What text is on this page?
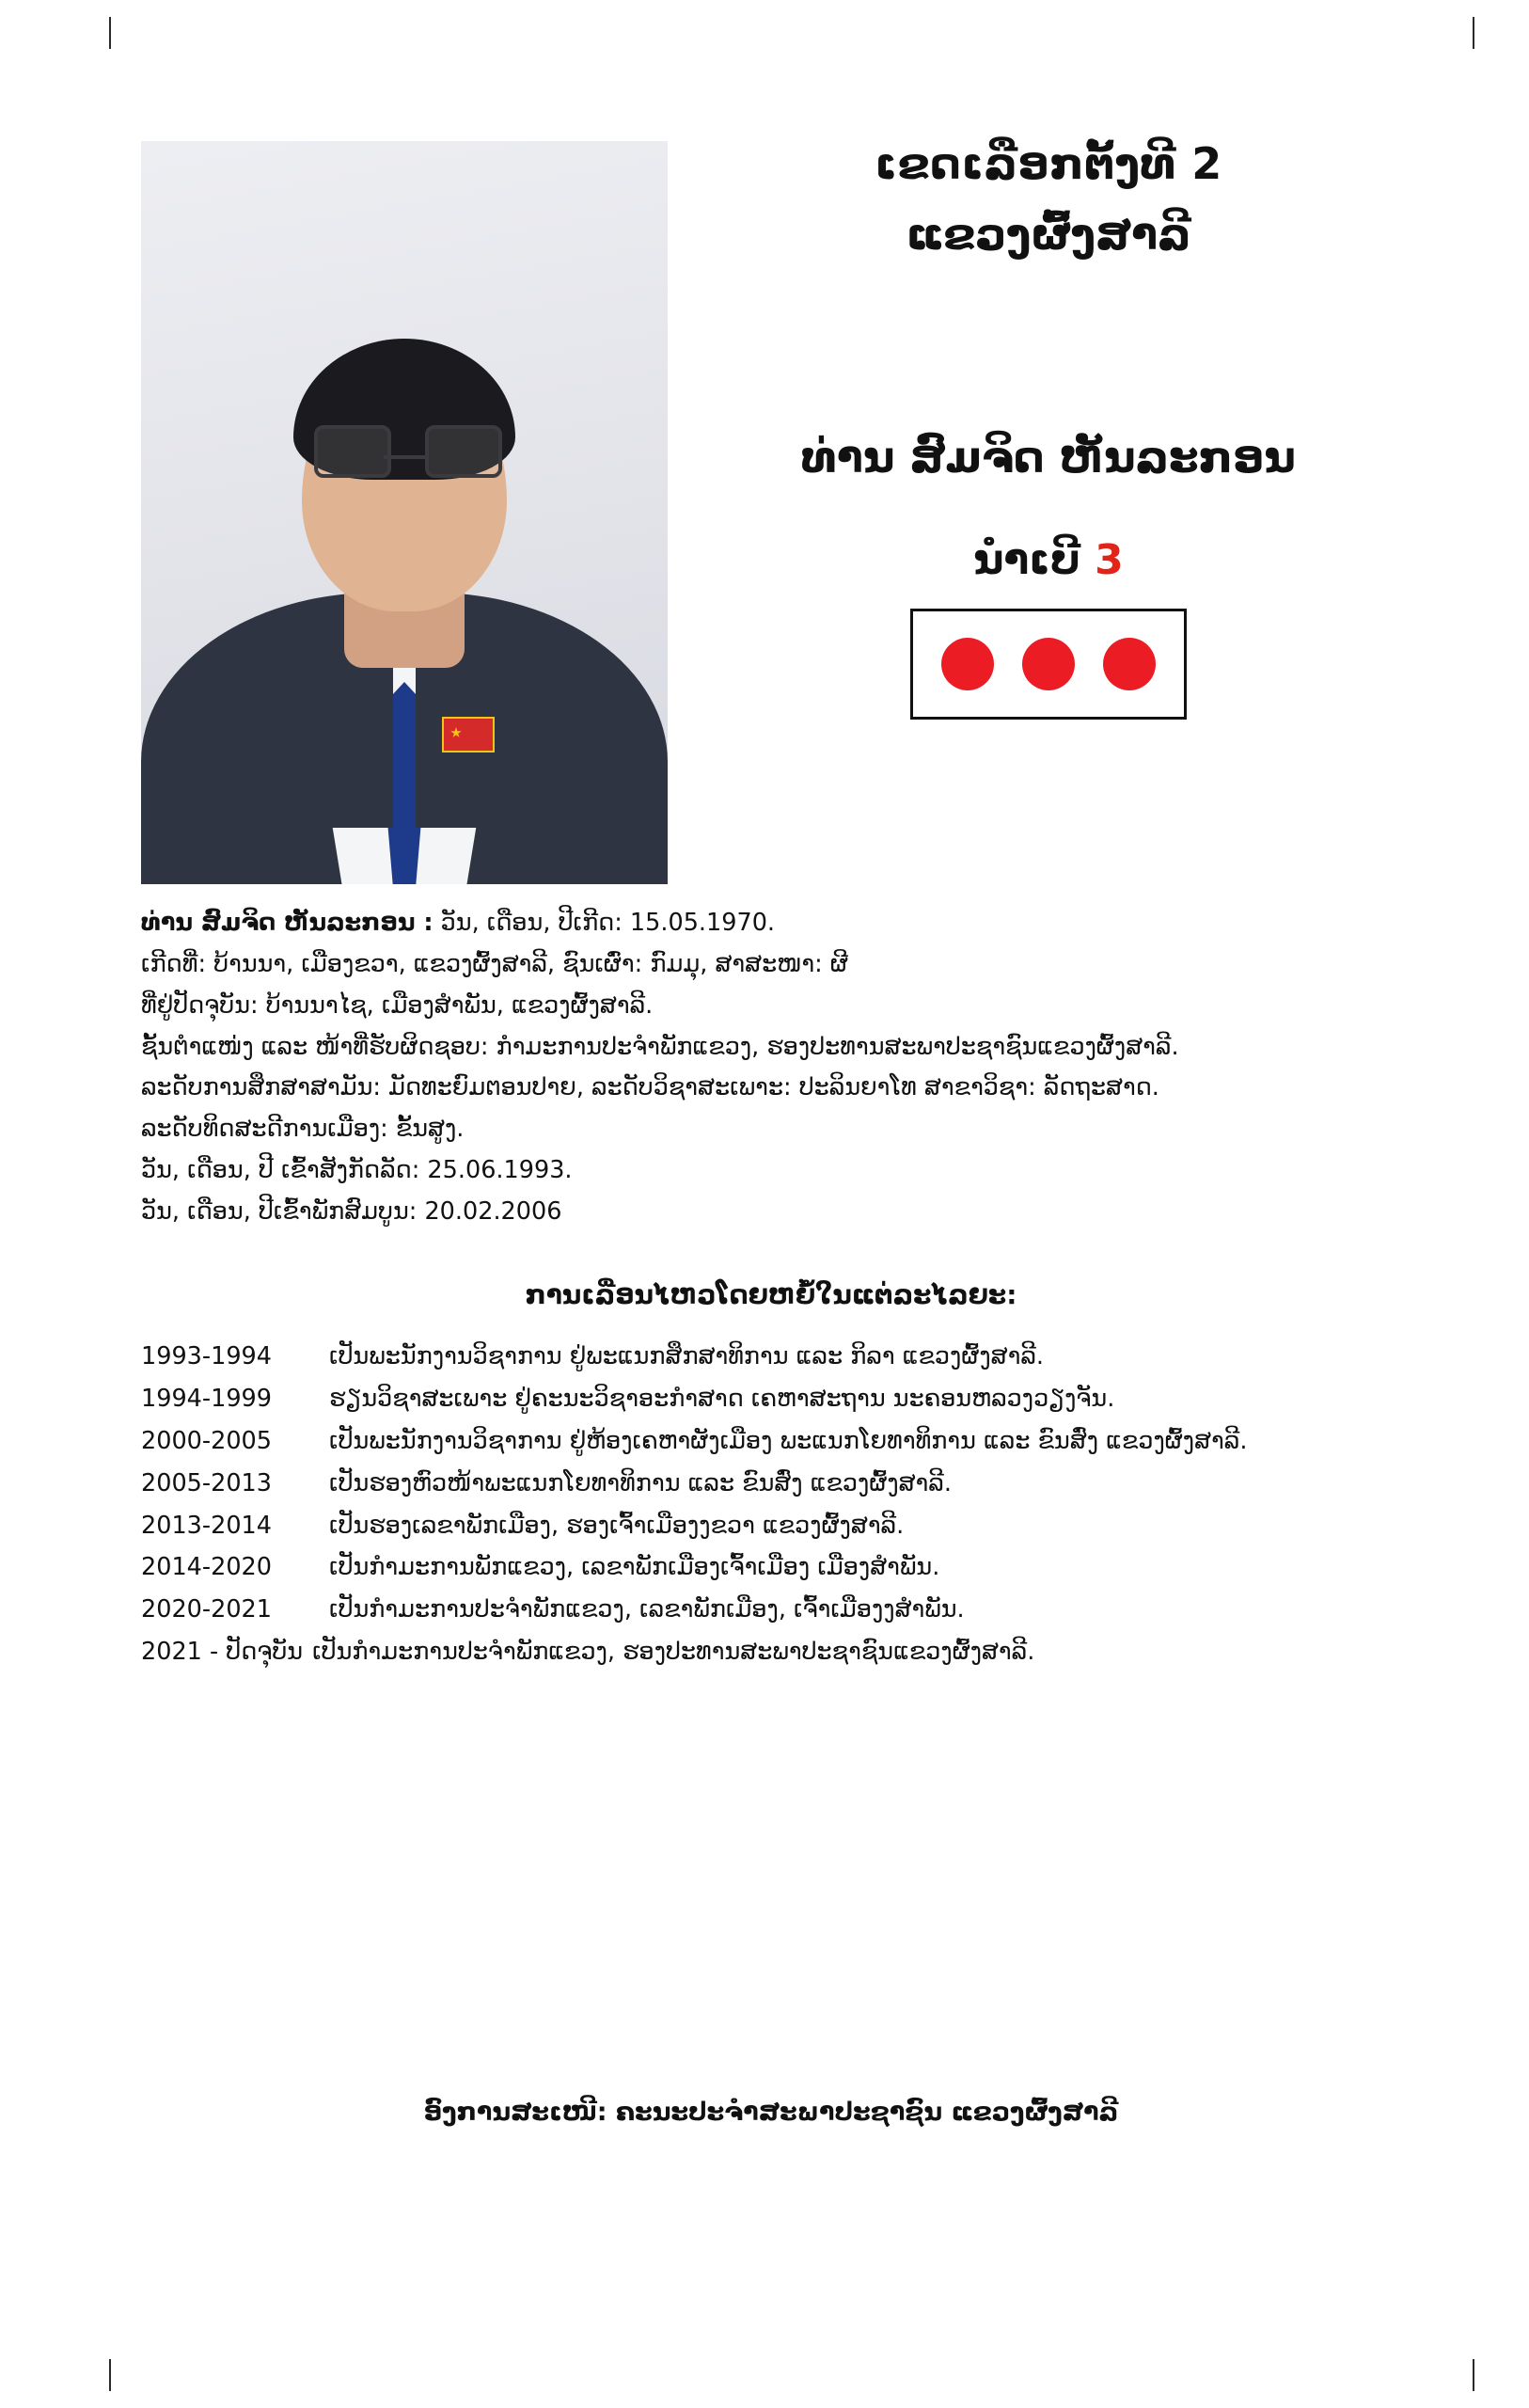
ເຂດເລືອກຕັ້ງທີ 2
ແຂວງຜົ້ງສາລີ
ທ່ານ ສົມຈິດ ຫັນລະກອນ
ນໍາເບີ 3
ທ່ານ ສົມຈິດ ຫັນລະກອນ : ວັນ, ເດືອນ, ປີເກີດ: 15.05.1970.
ເກີດທີ່: ບ້ານນາ, ເມືອງຂວາ, ແຂວງຜົ້ງສາລີ, ຊົນເຜົ່າ: ກົມມຸ, ສາສະໜາ: ຜີ
ທີ່ຢູ່ປັດຈຸບັນ: ບ້ານນາໄຊ, ເມືອງສໍາພັນ, ແຂວງຜົ້ງສາລີ.
ຊັ້ນຕໍາແໜ່ງ ແລະ ໜ້າທີ່ຮັບຜິດຊອບ: ກໍາມະການປະຈໍາພັກແຂວງ, ຮອງປະທານສະພາປະຊາຊົນແຂວງຜົ້ງສາລີ.
ລະດັບການສຶກສາສາມັນ: ມັດທະຍົມຕອນປາຍ, ລະດັບວິຊາສະເພາະ: ປະລິນຍາໂທ ສາຂາວິຊາ: ລັດຖະສາດ.
ລະດັບທິດສະດີການເມືອງ: ຂັ້ນສູງ.
ວັນ, ເດືອນ, ປີ ເຂົ້າສັງກັດລັດ: 25.06.1993.
ວັນ, ເດືອນ, ປີເຂົ້າພັກສົມບູນ: 20.02.2006
ການເລື່ອນໄຫວໂດຍຫຍໍ້ໃນແຕ່ລະໄລຍະ:
1993-1994	ເປັນພະນັກງານວິຊາການ ຢູ່ພະແນກສຶກສາທິການ ແລະ ກິລາ ແຂວງຜົ້ງສາລີ.
1994-1999	ຮຽນວິຊາສະເພາະ ຢູ່ຄະນະວິຊາອະກໍາສາດ ເຄຫາສະຖານ ນະຄອນຫລວງວຽງຈັນ.
2000-2005	ເປັນພະນັກງານວິຊາການ ຢູ່ຫ້ອງເຄຫາຜັງເມືອງ ພະແນກໂຍທາທິການ ແລະ ຂົນສົ່ງ ແຂວງຜົ້ງສາລີ.
2005-2013	ເປັນຮອງຫົວໜ້າພະແນກໂຍທາທິການ ແລະ ຂົນສົ່ງ ແຂວງຜົ້ງສາລີ.
2013-2014	ເປັນຮອງເລຂາພັກເມືອງ, ຮອງເຈົ້າເມືອງງຂວາ ແຂວງຜົ້ງສາລີ.
2014-2020	ເປັນກໍາມະການພັກແຂວງ, ເລຂາພັກເມືອງເຈົ້າເມືອງ ເມືອງສໍາພັນ.
2020-2021	ເປັນກໍາມະການປະຈໍາພັກແຂວງ, ເລຂາພັກເມືອງ, ເຈົ້າເມືອງງສໍາພັນ.
2021 - ປັດຈຸບັນ ເປັນກໍາມະການປະຈໍາພັກແຂວງ, ຮອງປະທານສະພາປະຊາຊົນແຂວງຜົ້ງສາລີ.
ອົງການສະເໜີ: ຄະນະປະຈໍາສະພາປະຊາຊົນ ແຂວງຜົ້ງສາລີ
